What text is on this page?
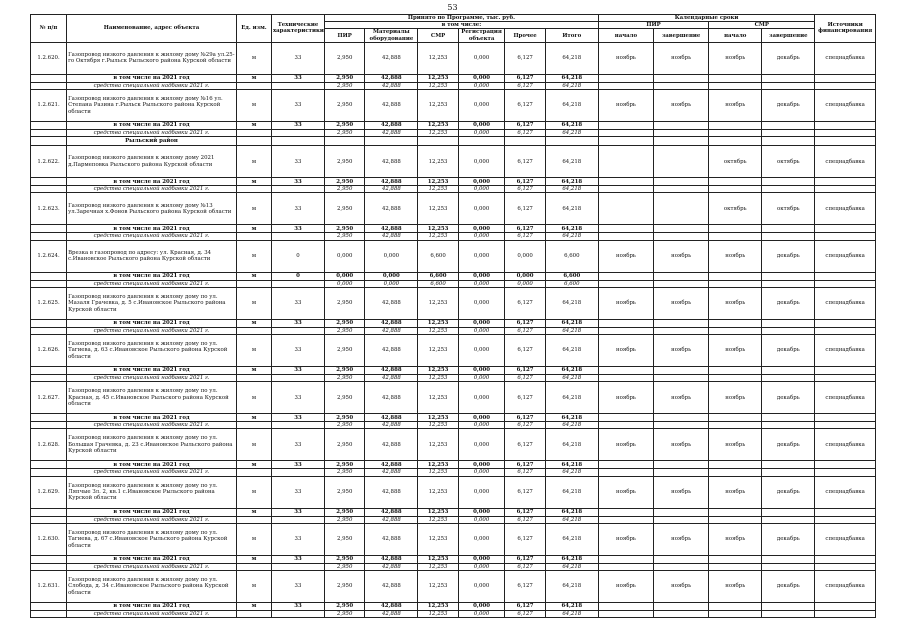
53
№ п/п	Наименование, адрес объекта	Ед. изм.	Технические характеристики	Принято по Программе, тыс. руб.						Календарные сроки				Источники финансирования
				в том числе:						ПИР		СМР		
				ПИР	Материалы оборудование	СМР	Регистрация объекта	Прочее	Итого	начало	завершение	начало	завершение	
1.2.620.	Газопровод низкого давления к жилому дому №29а ул.25-го Октября г.Рыльск Рыльского района Курской области	м	33	2,950	42,888	12,253	0,000	6,127	64,218	ноябрь	ноябрь	ноябрь	декабрь	спецнадбавка
	в том числе на 2021 год	м	33	2,950	42,888	12,253	0,000	6,127	64,218					
	средства специальной надбавки 2021 г.			2,950	42,888	12,253	0,000	6,127	64,218					
1.2.621.	Газопровод низкого давления к жилому дому №16 ул. Степана Разина г.Рыльск Рыльского района Курской области	м	33	2,950	42,888	12,253	0,000	6,127	64,218	ноябрь	ноябрь	ноябрь	декабрь	спецнадбавка
	в том числе на 2021 год	м	33	2,950	42,888	12,253	0,000	6,127	64,218					
	средства специальной надбавки 2021 г.			2,950	42,888	12,253	0,000	6,127	64,218					
	Рыльский район													
1.2.622.	Газопровод низкого давления к жилому дому 2021 д.Пармеповка Рыльского района Курской области	м	33	2,950	42,888	12,253	0,000	6,127	64,218			октябрь	октябрь	спецнадбавка
	в том числе на 2021 год	м	33	2,950	42,888	12,253	0,000	6,127	64,218					
	средства специальной надбавки 2021 г.			2,950	42,888	12,253	0,000	6,127	64,218					
1.2.623.	Газопровод низкого давления к жилому дому №13 ул.Заречная х.Фонов Рыльского района Курской области	м	33	2,950	42,888	12,253	0,000	6,127	64,218			октябрь	октябрь	спецнадбавка
	в том числе на 2021 год	м	33	2,950	42,888	12,253	0,000	6,127	64,218					
	средства специальной надбавки 2021 г.			2,950	42,888	12,253	0,000	6,127	64,218					
1.2.624.	Врезка в газопровод по адресу: ул. Красная, д. 34 с.Ивановское Рыльского района Курской области	м	0	0,000	0,000	6,600	0,000	0,000	6,600	ноябрь	ноябрь	ноябрь	декабрь	спецнадбавка
	в том числе на 2021 год	м	0	0,000	0,000	6,600	0,000	0,000	6,600					
	средства специальной надбавки 2021 г.			0,000	0,000	6,600	0,000	0,000	6,600					
1.2.625.	Газопровод низкого давления к жилому дому по ул. Мазаля Грачевка, д. 5 с.Ивановское Рыльского района Курской области	м	33	2,950	42,888	12,253	0,000	6,127	64,218	ноябрь	ноябрь	ноябрь	декабрь	спецнадбавка
	в том числе на 2021 год	м	33	2,950	42,888	12,253	0,000	6,127	64,218					
	средства специальной надбавки 2021 г.			2,950	42,888	12,253	0,000	6,127	64,218					
1.2.626.	Газопровод низкого давления к жилому дому по ул. Тагиева, д. 63 с.Ивановское Рыльского района Курской области	м	33	2,950	42,888	12,253	0,000	6,127	64,218	ноябрь	ноябрь	ноябрь	декабрь	спецнадбавка
	в том числе на 2021 год	м	33	2,950	42,888	12,253	0,000	6,127	64,218					
	средства специальной надбавки 2021 г.			2,950	42,888	12,253	0,000	6,127	64,218					
1.2.627.	Газопровод низкого давления к жилому дому по ул. Красная, д. 45 с.Ивановское Рыльского района Курской области	м	33	2,950	42,888	12,253	0,000	6,127	64,218	ноябрь	ноябрь	ноябрь	декабрь	спецнадбавка
	в том числе на 2021 год	м	33	2,950	42,888	12,253	0,000	6,127	64,218					
	средства специальной надбавки 2021 г.			2,950	42,888	12,253	0,000	6,127	64,218					
1.2.628.	Газопровод низкого давления к жилому дому по ул. Большая Грачевка, д. 23 с.Ивановское Рыльского района Курской области	м	33	2,950	42,888	12,253	0,000	6,127	64,218	ноябрь	ноябрь	ноябрь	декабрь	спецнадбавка
	в том числе на 2021 год	м	33	2,950	42,888	12,253	0,000	6,127	64,218					
	средства специальной надбавки 2021 г.			2,950	42,888	12,253	0,000	6,127	64,218					
1.2.629.	Газопровод низкого давления к жилому дому по ул. Ляпчые Зл. 2, кв.1 с.Ивановское Рыльского района Курской области	м	33	2,950	42,888	12,253	0,000	6,127	64,218	ноябрь	ноябрь	ноябрь	декабрь	спецнадбавка
	в том числе на 2021 год	м	33	2,950	42,888	12,253	0,000	6,127	64,218					
	средства специальной надбавки 2021 г.			2,950	42,888	12,253	0,000	6,127	64,218					
1.2.630.	Газопровод низкого давления к жилому дому по ул. Тагиева, д. 67 с.Ивановское Рыльского района Курской области	м	33	2,950	42,888	12,253	0,000	6,127	64,218	ноябрь	ноябрь	ноябрь	декабрь	спецнадбавка
	в том числе на 2021 год	м	33	2,950	42,888	12,253	0,000	6,127	64,218					
	средства специальной надбавки 2021 г.			2,950	42,888	12,253	0,000	6,127	64,218					
1.2.631.	Газопровод низкого давления к жилому дому по ул. Слобода, д. 34 с.Ивановское Рыльского района Курской области	м	33	2,950	42,888	12,253	0,000	6,127	64,218	ноябрь	ноябрь	ноябрь	декабрь	спецнадбавка
	в том числе на 2021 год	м	33	2,950	42,888	12,253	0,000	6,127	64,218					
	средства специальной надбавки 2021 г.			2,950	42,888	12,253	0,000	6,127	64,218					
